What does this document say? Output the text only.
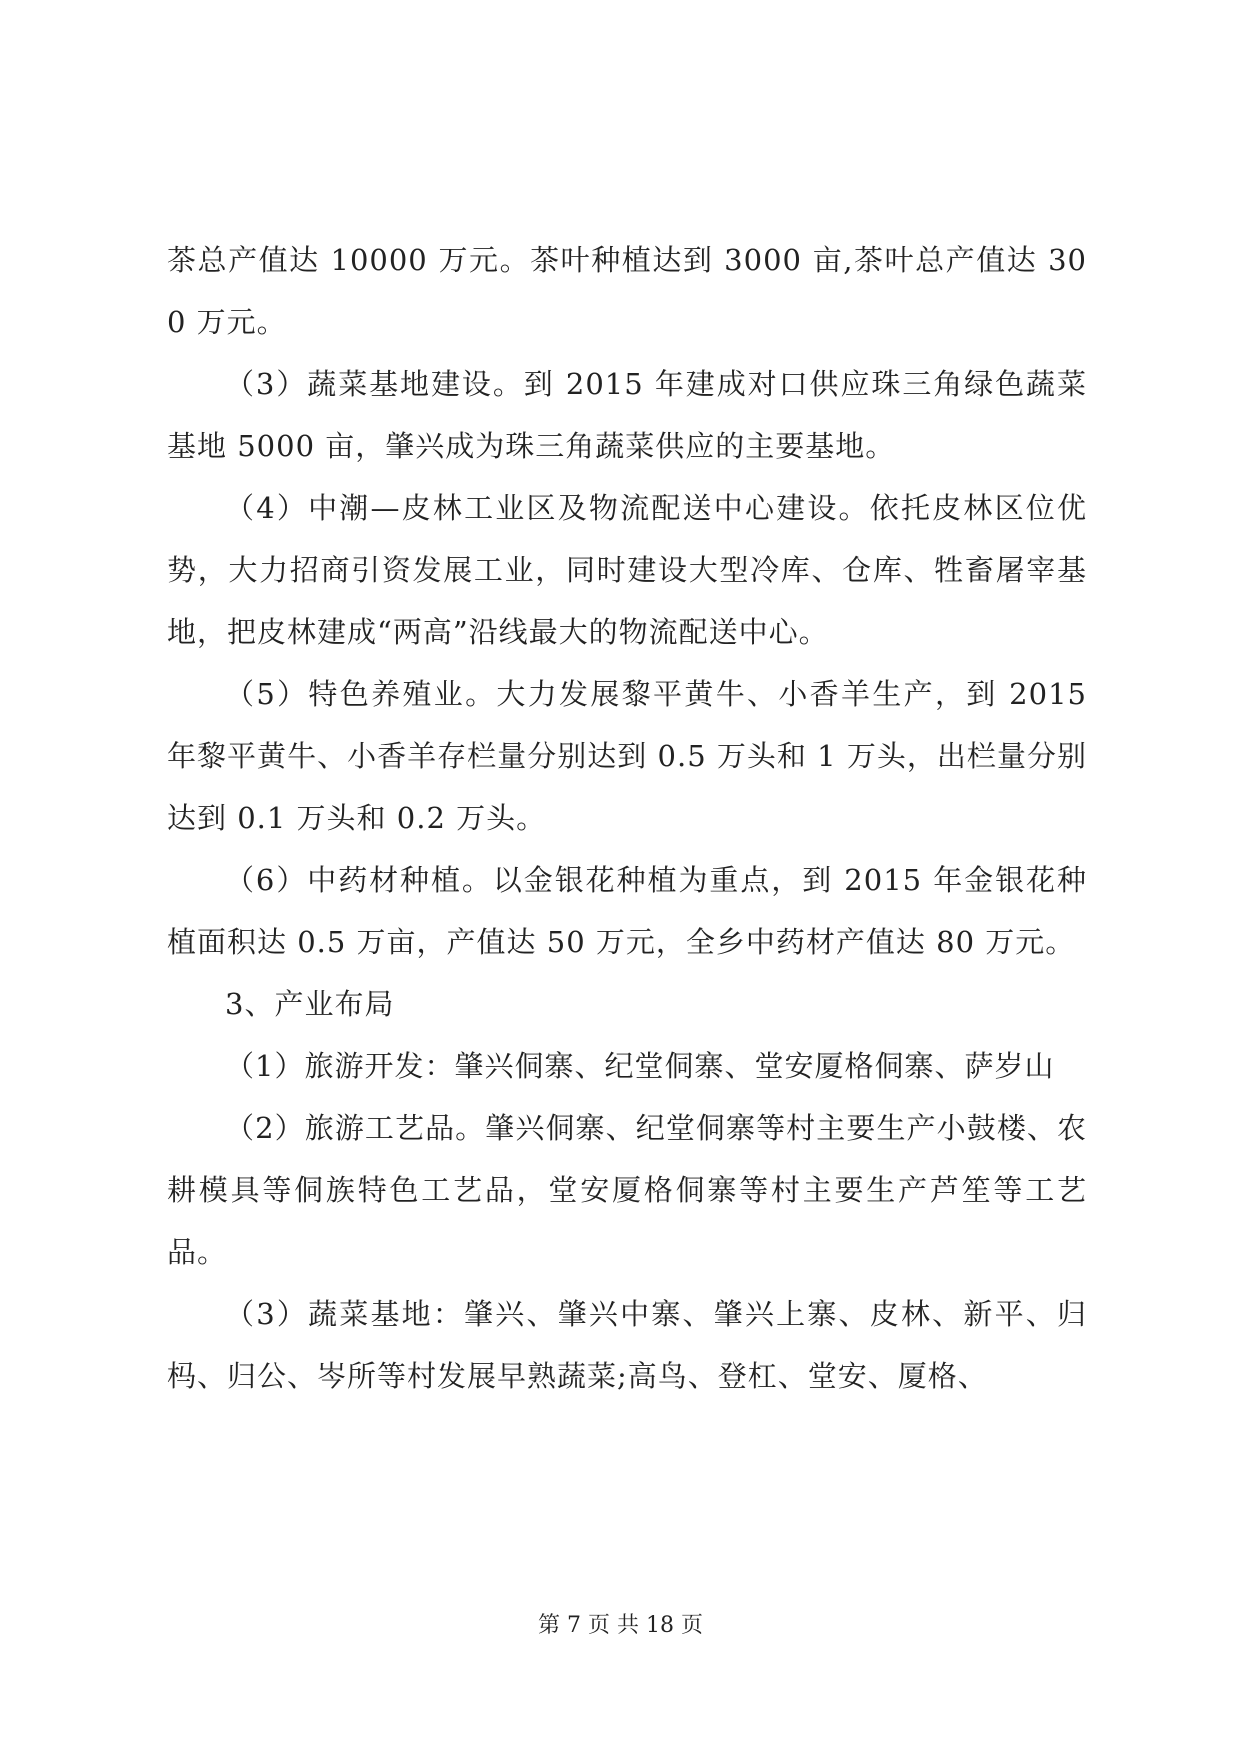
茶总产值达 10000 万元。茶叶种植达到 3000 亩,茶叶总产值达 300 万元。

（3）蔬菜基地建设。到 2015 年建成对口供应珠三角绿色蔬菜基地 5000 亩，肇兴成为珠三角蔬菜供应的主要基地。

（4）中潮—皮林工业区及物流配送中心建设。依托皮林区位优势，大力招商引资发展工业，同时建设大型冷库、仓库、牲畜屠宰基地，把皮林建成“两高”沿线最大的物流配送中心。

（5）特色养殖业。大力发展黎平黄牛、小香羊生产，到 2015 年黎平黄牛、小香羊存栏量分别达到 0.5 万头和 1 万头，出栏量分别达到 0.1 万头和 0.2 万头。

（6）中药材种植。以金银花种植为重点，到 2015 年金银花种植面积达 0.5 万亩，产值达 50 万元，全乡中药材产值达 80 万元。

3、产业布局

（1）旅游开发：肇兴侗寨、纪堂侗寨、堂安厦格侗寨、萨岁山

（2）旅游工艺品。肇兴侗寨、纪堂侗寨等村主要生产小鼓楼、农耕模具等侗族特色工艺品，堂安厦格侗寨等村主要生产芦笙等工艺品。

（3）蔬菜基地：肇兴、肇兴中寨、肇兴上寨、皮林、新平、归杩、归公、岑所等村发展早熟蔬菜;高鸟、登杠、堂安、厦格、

第 7 页 共 18 页
